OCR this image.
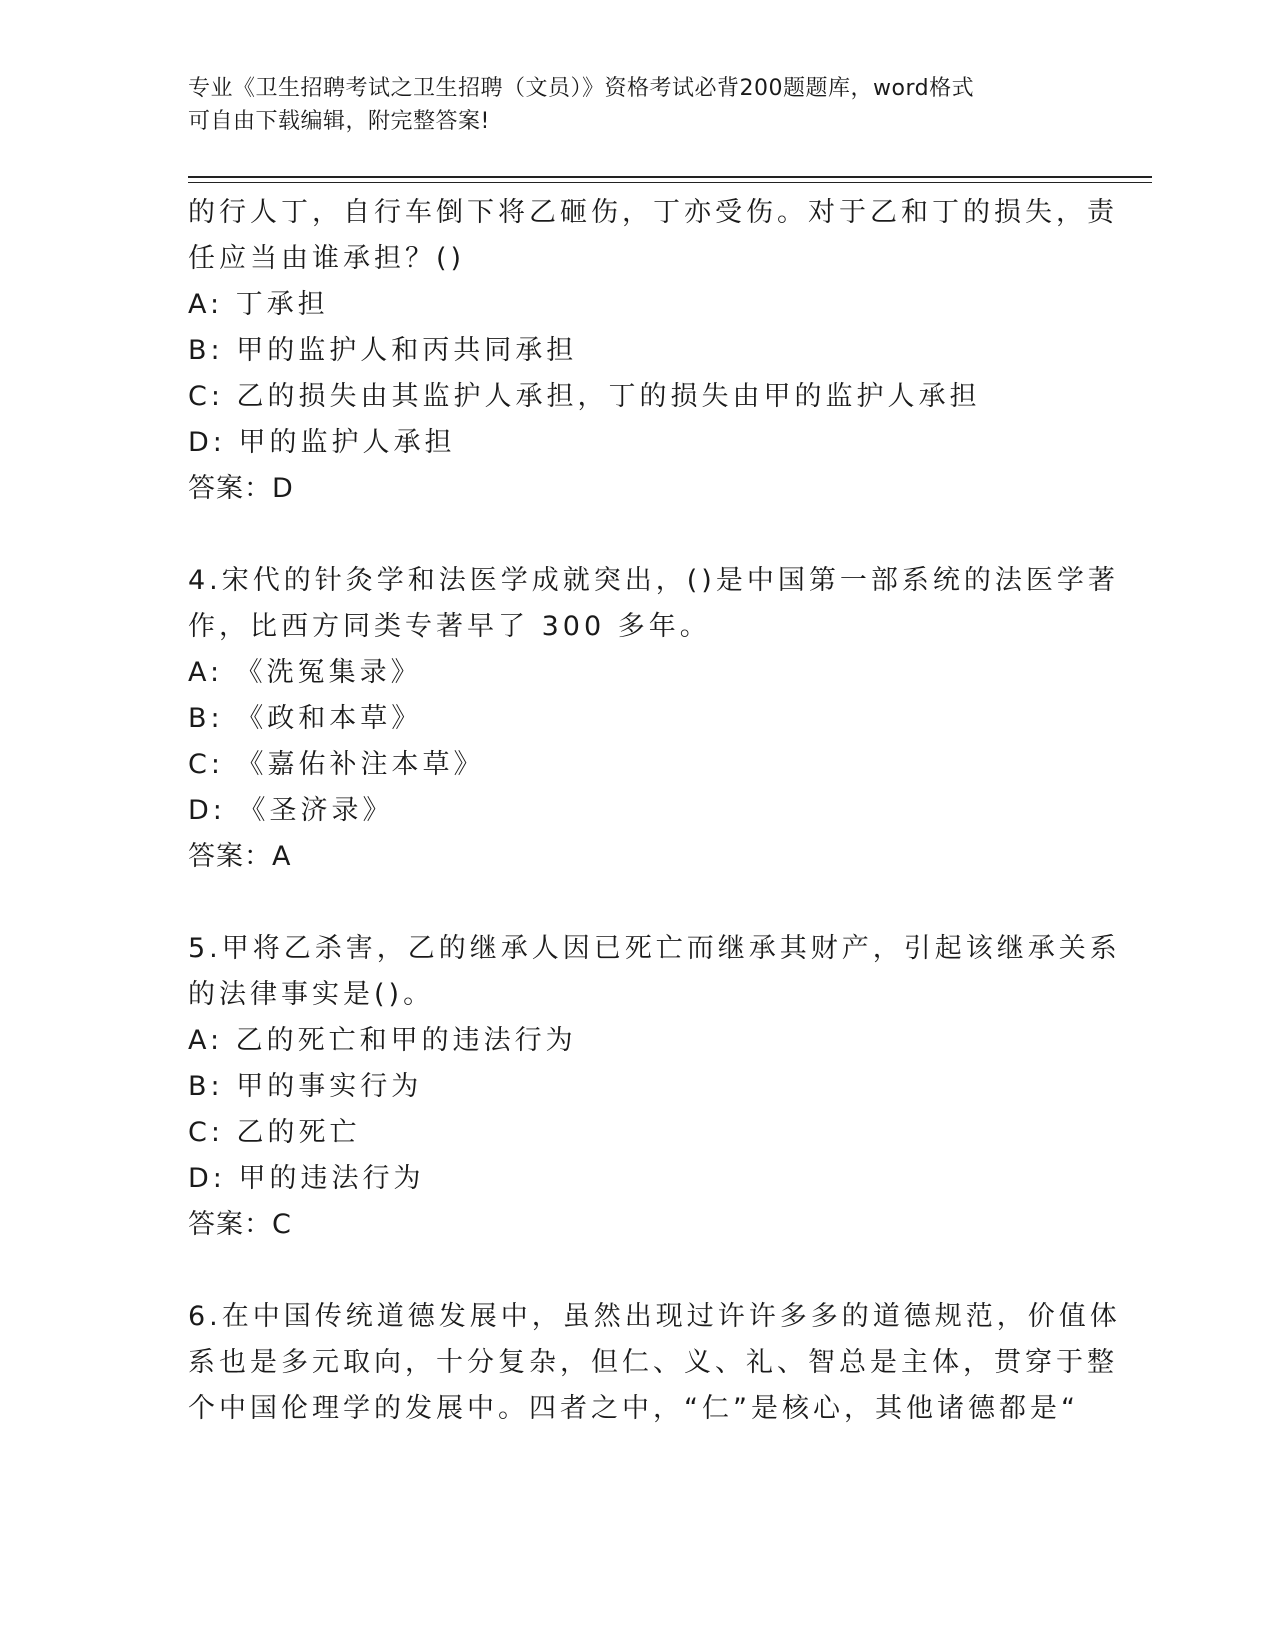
专业《卫生招聘考试之卫生招聘（文员）》资格考试必背200题题库，word格式
可自由下载编辑，附完整答案!
的行人丁，自行车倒下将乙砸伤，丁亦受伤。对于乙和丁的损失，责
任应当由谁承担？()
A: 丁承担
B: 甲的监护人和丙共同承担
C: 乙的损失由其监护人承担，丁的损失由甲的监护人承担
D: 甲的监护人承担
答案：D
4.宋代的针灸学和法医学成就突出，()是中国第一部系统的法医学著
作，比西方同类专著早了 300 多年。
A: 《洗冤集录》
B: 《政和本草》
C: 《嘉佑补注本草》
D: 《圣济录》
答案：A
5.甲将乙杀害，乙的继承人因已死亡而继承其财产，引起该继承关系
的法律事实是()。
A: 乙的死亡和甲的违法行为
B: 甲的事实行为
C: 乙的死亡
D: 甲的违法行为
答案：C
6.在中国传统道德发展中，虽然出现过许许多多的道德规范，价值体
系也是多元取向，十分复杂，但仁、义、礼、智总是主体，贯穿于整
个中国伦理学的发展中。四者之中，“仁”是核心，其他诸德都是“
